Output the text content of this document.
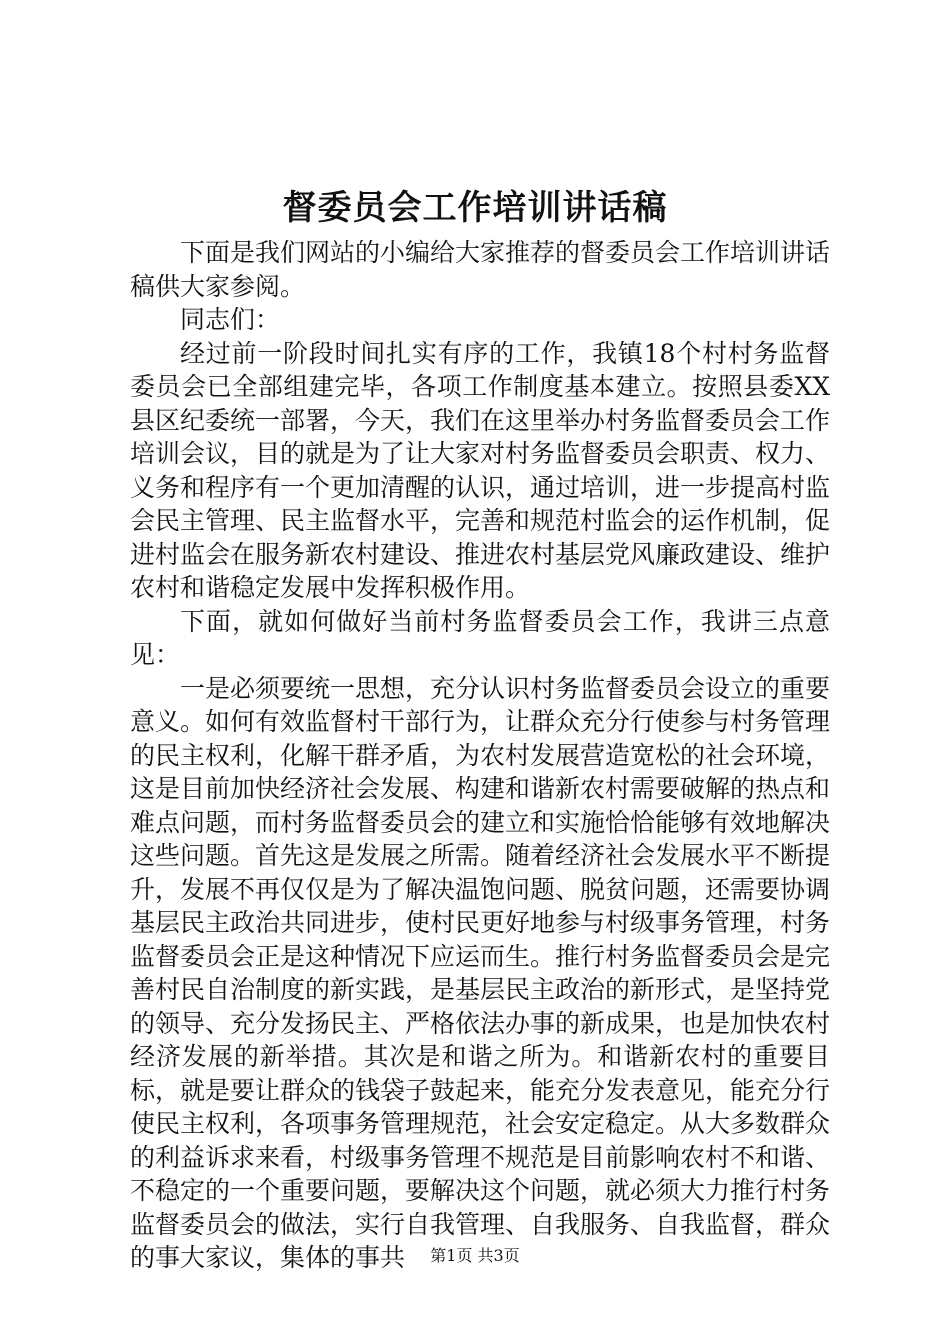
督委员会工作培训讲话稿

下面是我们网站的小编给大家推荐的督委员会工作培训讲话稿供大家参阅。

同志们：

经过前一阶段时间扎实有序的工作，我镇18个村村务监督委员会已全部组建完毕，各项工作制度基本建立。按照县委XX县区纪委统一部署，今天，我们在这里举办村务监督委员会工作培训会议，目的就是为了让大家对村务监督委员会职责、权力、义务和程序有一个更加清醒的认识，通过培训，进一步提高村监会民主管理、民主监督水平，完善和规范村监会的运作机制，促进村监会在服务新农村建设、推进农村基层党风廉政建设、维护农村和谐稳定发展中发挥积极作用。

下面，就如何做好当前村务监督委员会工作，我讲三点意见：

一是必须要统一思想，充分认识村务监督委员会设立的重要意义。如何有效监督村干部行为，让群众充分行使参与村务管理的民主权利，化解干群矛盾，为农村发展营造宽松的社会环境，这是目前加快经济社会发展、构建和谐新农村需要破解的热点和难点问题，而村务监督委员会的建立和实施恰恰能够有效地解决这些问题。首先这是发展之所需。随着经济社会发展水平不断提升，发展不再仅仅是为了解决温饱问题、脱贫问题，还需要协调基层民主政治共同进步，使村民更好地参与村级事务管理，村务监督委员会正是这种情况下应运而生。推行村务监督委员会是完善村民自治制度的新实践，是基层民主政治的新形式，是坚持党的领导、充分发扬民主、严格依法办事的新成果，也是加快农村经济发展的新举措。其次是和谐之所为。和谐新农村的重要目标，就是要让群众的钱袋子鼓起来，能充分发表意见，能充分行使民主权利，各项事务管理规范，社会安定稳定。从大多数群众的利益诉求来看，村级事务管理不规范是目前影响农村不和谐、不稳定的一个重要问题，要解决这个问题，就必须大力推行村务监督委员会的做法，实行自我管理、自我服务、自我监督，群众的事大家议，集体的事共	第1页 共3页
